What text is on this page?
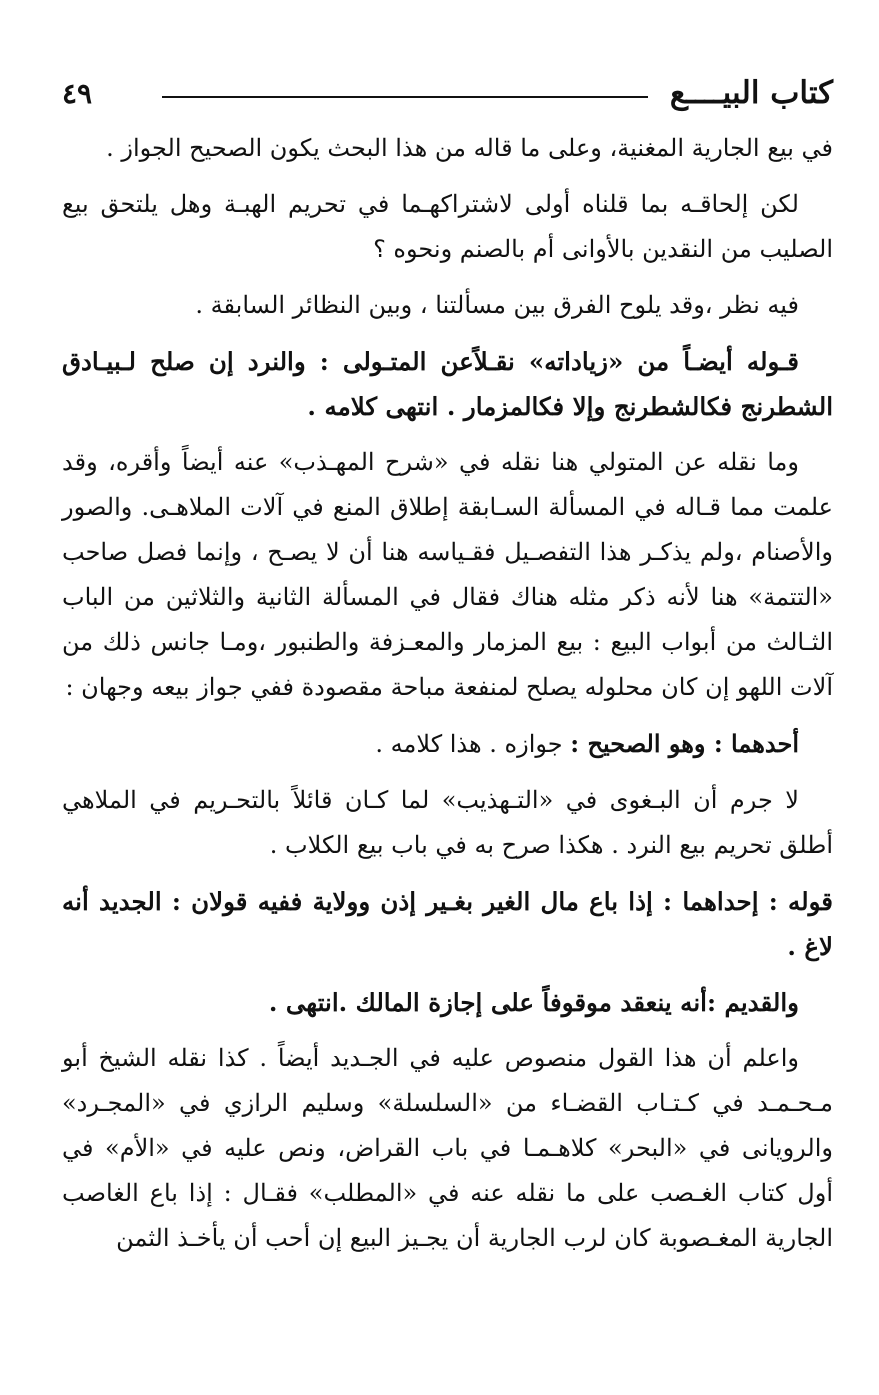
كتاب البيــــع
٤٩

في بيع الجارية المغنية، وعلى ما قاله من هذا البحث يكون الصحيح الجواز .

لكن إلحاقـه بما قلناه أولى لاشتراكهـما في تحريم الهبـة وهل يلتحق بيع الصليب من النقدين بالأوانى أم بالصنم ونحوه ؟

فيه نظر ،وقد يلوح الفرق بين مسألتنا ، وبين النظائر السابقة .

قـوله أيضـاً من «زياداته» نقـلاًعن المتـولى : والنرد إن صلح لـبيـادق الشطرنج فكالشطرنج وإلا فكالمزمار . انتهى كلامه .

وما نقله عن المتولي هنا نقله في «شرح المهـذب» عنه أيضاً وأقره، وقد علمت مما قـاله في المسألة السـابقة إطلاق المنع في آلات الملاهـى. والصور والأصنام ،ولم يذكـر هذا التفصـيل فقـياسه هنا أن لا يصـح ، وإنما فصل صاحب «التتمة» هنا لأنه ذكر مثله هناك فقال في المسألة الثانية والثلاثين من الباب الثـالث من أبواب البيع : بيع المزمار والمعـزفة والطنبور ،ومـا جانس ذلك من آلات اللهو إن كان محلوله يصلح لمنفعة مباحة مقصودة ففي جواز بيعه وجهان :

أحدهما : وهو الصحيح : جوازه . هذا كلامه .

لا جرم أن البـغوى في «التـهذيب» لما كـان قائلاً بالتحـريم في الملاهي أطلق تحريم بيع النرد . هكذا صرح به في باب بيع الكلاب .

قوله : إحداهما : إذا باع مال الغير بغـير إذن وولاية ففيه قولان : الجديد أنه لاغ .

والقديم :أنه ينعقد موقوفاً على إجازة المالك .انتهى .

واعلم أن هذا القول منصوص عليه في الجـديد أيضاً . كذا نقله الشيخ أبو مـحـمـد في كـتـاب القضـاء من «السلسلة» وسليم الرازي في «المجـرد» والرويانى في «البحر» كلاهـمـا في باب القراض، ونص عليه في «الأم» في أول كتاب الغـصب على ما نقله عنه في «المطلب» فقـال : إذا باع الغاصب الجارية المغـصوبة كان لرب الجارية أن يجـيز البيع إن أحب أن يأخـذ الثمن
